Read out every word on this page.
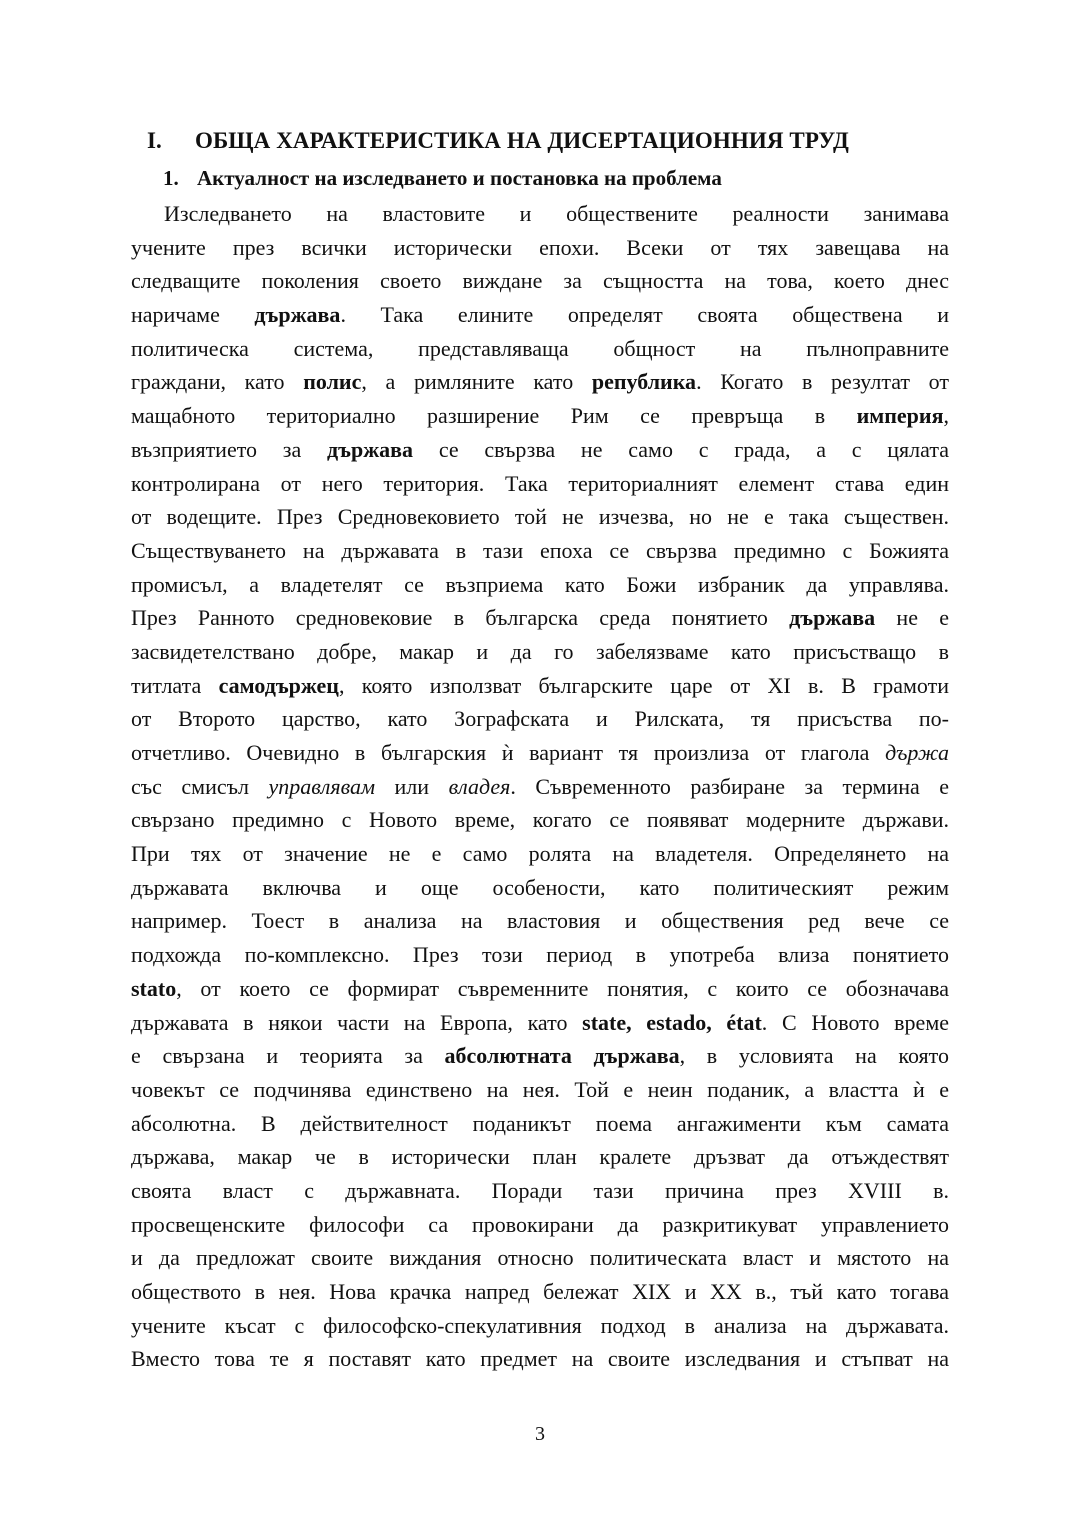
I. ОБЩА ХАРАКТЕРИСТИКА НА ДИСЕРТАЦИОННИЯ ТРУД
1. Актуалност на изследването и постановка на проблема
Изследването на властовите и обществените реалности занимава
учените през всички исторически епохи. Всеки от тях завещава на
следващите поколения своето виждане за същността на това, което днес
наричаме държава. Така елините определят своята обществена и
политическа система, представляваща общност на пълноправните
граждани, като полис, а римляните като република. Когато в резултат от
мащабното териториално разширение Рим се превръща в империя,
възприятието за държава се свързва не само с града, а с цялата
контролирана от него територия. Така териториалният елемент става един
от водещите. През Средновековието той не изчезва, но не е така съществен.
Съществуването на държавата в тази епоха се свързва предимно с Божията
промисъл, а владетелят се възприема като Божи избраник да управлява.
През Ранното средновековие в българска среда понятието държава не е
засвидетелствано добре, макар и да го забелязваме като присъстващо в
титлата самодържец, която използват българските царе от XI в. В грамоти
от Второто царство, като Зографската и Рилската, тя присъства по-
отчетливо. Очевидно в българския ѝ вариант тя произлиза от глагола държа
със смисъл управлявам или владея. Съвременното разбиране за термина е
свързано предимно с Новото време, когато се появяват модерните държави.
При тях от значение не е само ролята на владетеля. Определянето на
държавата включва и още особености, като политическият режим
например. Тоест в анализа на властовия и обществения ред вече се
подхожда по-комплексно. През този период в употреба влиза понятието
stato, от което се формират съвременните понятия, с които се обозначава
държавата в някои части на Европа, като state, estado, état. С Новото време
е свързана и теорията за абсолютната държава, в условията на която
човекът се подчинява единствено на нея. Той е неин поданик, а властта ѝ е
абсолютна. В действителност поданикът поема ангажименти към самата
държава, макар че в исторически план кралете дръзват да отъждествят
своята власт с държавната. Поради тази причина през XVIII в.
просвещенските философи са провокирани да разкритикуват управлението
и да предложат своите виждания относно политическата власт и мястото на
обществото в нея. Нова крачка напред бележат XIX и XX в., тъй като тогава
учените късат с философско-спекулативния подход в анализа на държавата.
Вместо това те я поставят като предмет на своите изследвания и стъпват на
3
